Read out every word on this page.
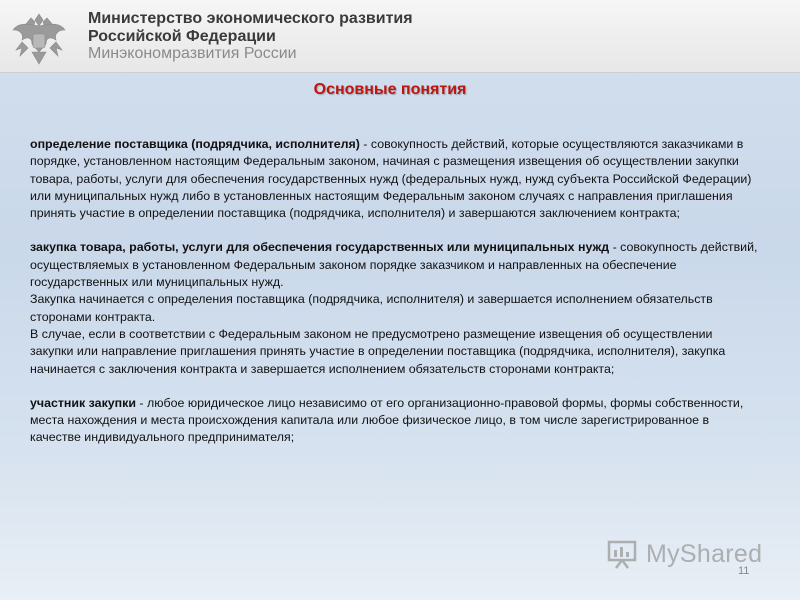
Министерство экономического развития
Российской Федерации
Минэкономразвития России
Основные понятия

определение поставщика (подрядчика, исполнителя) - совокупность действий, которые осуществляются заказчиками в порядке, установленном настоящим Федеральным законом, начиная с размещения извещения об осуществлении закупки товара, работы, услуги для обеспечения государственных нужд (федеральных нужд, нужд субъекта Российской Федерации) или муниципальных нужд либо в установленных настоящим Федеральным законом случаях с направления приглашения принять участие в определении поставщика (подрядчика, исполнителя) и завершаются заключением контракта;

закупка товара, работы, услуги для обеспечения государственных или муниципальных нужд - совокупность действий, осуществляемых в установленном Федеральным законом порядке заказчиком и направленных на обеспечение государственных или муниципальных нужд.

Закупка начинается с определения поставщика (подрядчика, исполнителя) и завершается исполнением обязательств сторонами контракта.

В случае, если в соответствии с Федеральным законом не предусмотрено размещение извещения об осуществлении закупки или направление приглашения принять участие в определении поставщика (подрядчика, исполнителя), закупка начинается с заключения контракта и завершается исполнением обязательств сторонами контракта;

участник закупки - любое юридическое лицо независимо от его организационно-правовой формы, формы собственности, места нахождения и места происхождения капитала или любое физическое лицо, в том числе зарегистрированное в качестве индивидуального предпринимателя;

MyShared
11
